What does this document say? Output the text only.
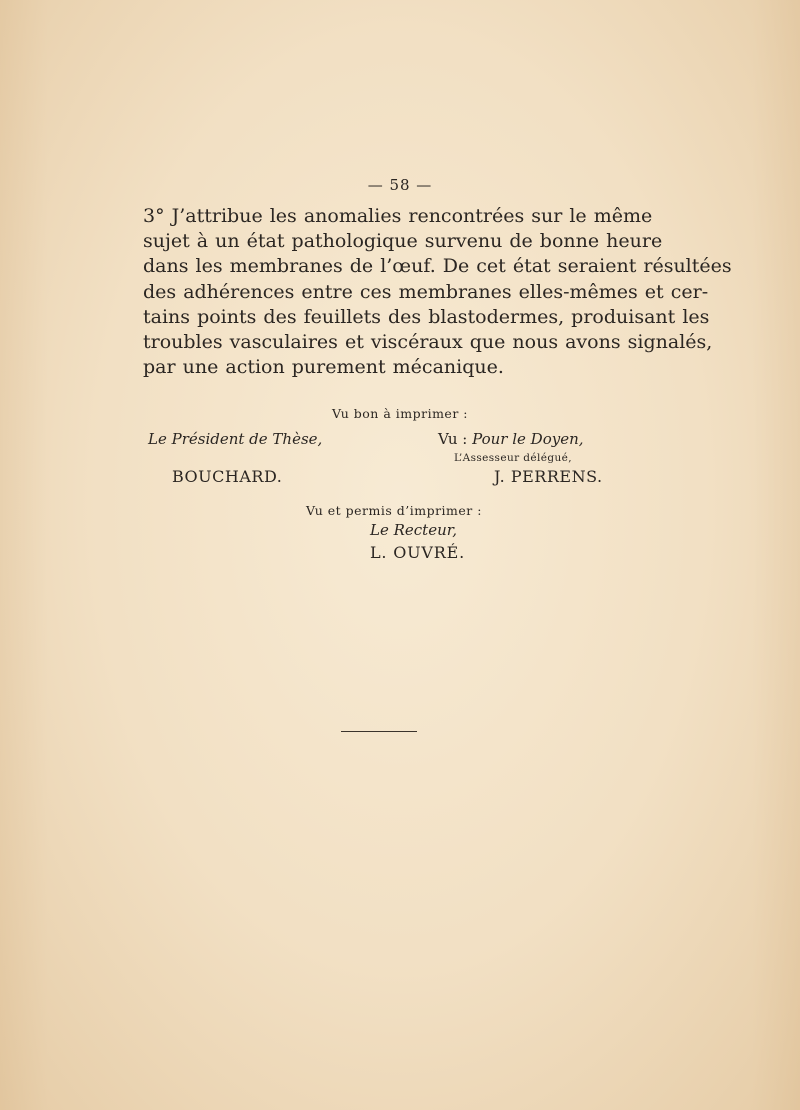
— 58 —
3° J’attribue les anomalies rencontrées sur le même
sujet à un état pathologique survenu de bonne heure
dans les membranes de l’œuf. De cet état seraient résultées
des adhérences entre ces membranes elles-mêmes et cer-
tains points des feuillets des blastodermes, produisant les
troubles vasculaires et viscéraux que nous avons signalés,
par une action purement mécanique.
Vu bon à imprimer :
Le Président de Thèse,
BOUCHARD.
Vu : Pour le Doyen,
L’Assesseur délégué,
J. PERRENS.
Vu et permis d’imprimer :
Le Recteur,
L. OUVRÉ.
